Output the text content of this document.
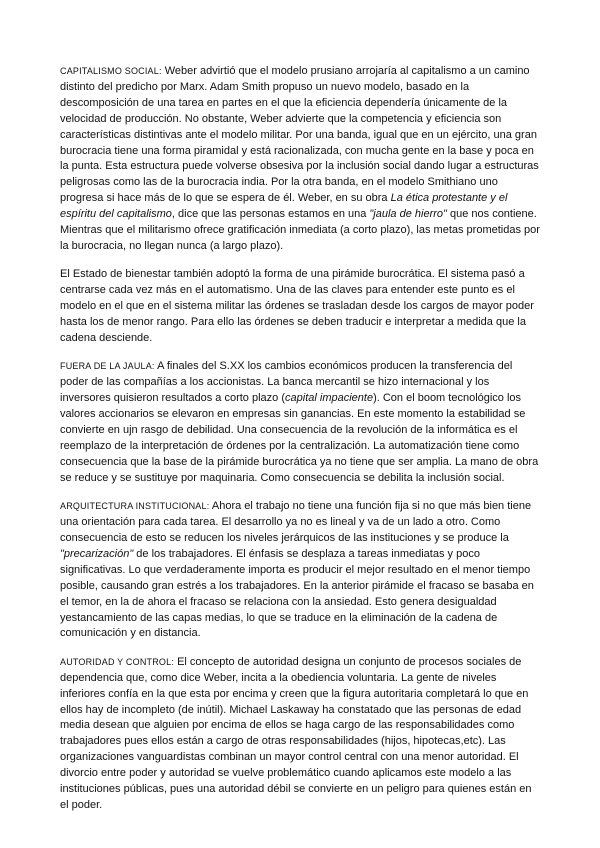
CAPITALISMO SOCIAL: Weber advirtió que el modelo prusiano arrojaría al capitalismo a un camino distinto del predicho por Marx. Adam Smith propuso un nuevo modelo, basado en la descomposición de una tarea en partes en el que la eficiencia dependería únicamente de la velocidad de producción. No obstante, Weber advierte que la competencia y eficiencia son características distintivas ante el modelo militar. Por una banda, igual que en un ejército, una gran burocracia tiene una forma piramidal y está racionalizada, con mucha gente en la base y poca en la punta. Esta estructura puede volverse obsesiva por la inclusión social dando lugar a estructuras peligrosas como las de la burocracia india. Por la otra banda, en el modelo Smithiano uno progresa si hace más de lo que se espera de él. Weber, en su obra La ética protestante y el espíritu del capitalismo, dice que las personas estamos en una "jaula de hierro" que nos contiene. Mientras que el militarismo ofrece gratificación inmediata (a corto plazo), las metas prometidas por la burocracia, no llegan nunca (a largo plazo).

El Estado de bienestar también adoptó la forma de una pirámide burocrática. El sistema pasó a centrarse cada vez más en el automatismo. Una de las claves para entender este punto es el modelo en el que en el sistema militar las órdenes se trasladan desde los cargos de mayor poder hasta los de menor rango. Para ello las órdenes se deben traducir e interpretar a medida que la cadena desciende.

FUERA DE LA JAULA: A finales del S.XX los cambios económicos producen la transferencia del poder de las compañías a los accionistas. La banca mercantil se hizo internacional y los inversores quisieron resultados a corto plazo (capital impaciente). Con el boom tecnológico los valores accionarios se elevaron en empresas sin ganancias. En este momento la estabilidad se convierte en ujn rasgo de debilidad. Una consecuencia de la revolución de la informática es el reemplazo de la interpretación de órdenes por la centralización. La automatización tiene como consecuencia que la base de la pirámide burocrática ya no tiene que ser amplia. La mano de obra se reduce y se sustituye por maquinaria. Como consecuencia se debilita la inclusión social.

ARQUITECTURA INSTITUCIONAL: Ahora el trabajo no tiene una función fija si no que más bien tiene una orientación para cada tarea. El desarrollo ya no es lineal y va de un lado a otro. Como consecuencia de esto se reducen los niveles jerárquicos de las instituciones y se produce la "precarización" de los trabajadores. El énfasis se desplaza a tareas inmediatas y poco significativas. Lo que verdaderamente importa es producir el mejor resultado en el menor tiempo posible, causando gran estrés a los trabajadores. En la anterior pirámide el fracaso se basaba en el temor, en la de ahora el fracaso se relaciona con la ansiedad. Esto genera desigualdad yestancamiento de las capas medias, lo que se traduce en la eliminación de la cadena de comunicación y en distancia.

AUTORIDAD Y CONTROL: El concepto de autoridad designa un conjunto de procesos sociales de dependencia que, como dice Weber, incita a la obediencia voluntaria. La gente de niveles inferiores confía en la que esta por encima y creen que la figura autoritaria completará lo que en ellos hay de incompleto (de inútil). Michael Laskaway ha constatado que las personas de edad media desean que alguien por encima de ellos se haga cargo de las responsabilidades como trabajadores pues ellos están a cargo de otras responsabilidades (hijos, hipotecas,etc). Las organizaciones vanguardistas combinan un mayor control central con una menor autoridad. El divorcio entre poder y autoridad se vuelve problemático cuando aplicamos este modelo a las instituciones públicas, pues una autoridad débil se convierte en un peligro para quienes están en el poder.
